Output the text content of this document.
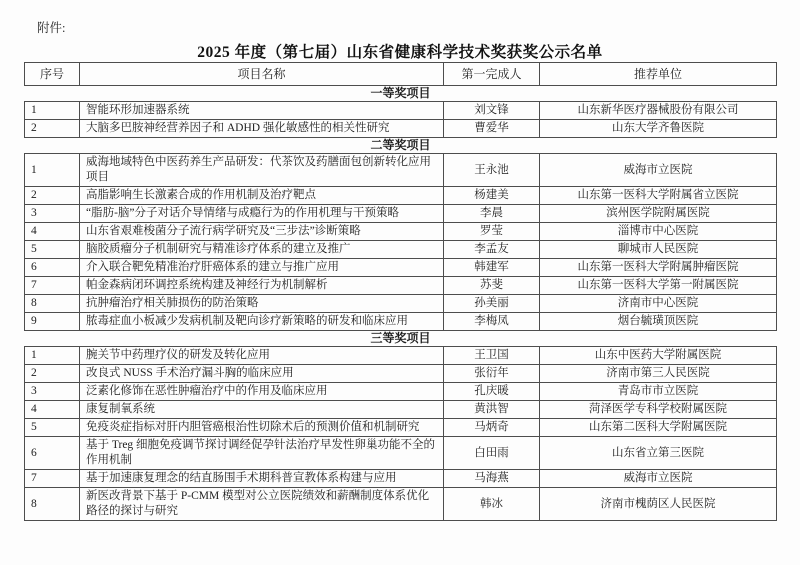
附件:
2025 年度（第七届）山东省健康科学技术奖获奖公示名单
序号	项目名称	第一完成人	推荐单位
一等奖项目			
1	智能环形加速器系统	刘文锋	山东新华医疗器械股份有限公司
2	大脑多巴胺神经营养因子和 ADHD 强化敏感性的相关性研究	曹爱华	山东大学齐鲁医院
二等奖项目			
1	威海地域特色中医药养生产品研发：代茶饮及药膳面包创新转化应用项目	王永池	威海市立医院
2	高脂影响生长激素合成的作用机制及治疗靶点	杨建美	山东第一医科大学附属省立医院
3	“脂肪-脑”分子对话介导情绪与成瘾行为的作用机理与干预策略	李晨	滨州医学院附属医院
4	山东省艰难梭菌分子流行病学研究及“三步法”诊断策略	罗莹	淄博市中心医院
5	脑胶质瘤分子机制研究与精准诊疗体系的建立及推广	李孟友	聊城市人民医院
6	介入联合靶免精准治疗肝癌体系的建立与推广应用	韩建军	山东第一医科大学附属肿瘤医院
7	帕金森病闭环调控系统构建及神经行为机制解析	苏斐	山东第一医科大学第一附属医院
8	抗肿瘤治疗相关肺损伤的防治策略	孙美丽	济南市中心医院
9	脓毒症血小板减少发病机制及靶向诊疗新策略的研发和临床应用	李梅凤	烟台毓璜顶医院
三等奖项目			
1	腕关节中药理疗仪的研发及转化应用	王卫国	山东中医药大学附属医院
2	改良式 NUSS 手术治疗漏斗胸的临床应用	张衍年	济南市第三人民医院
3	泛素化修饰在恶性肿瘤治疗中的作用及临床应用	孔庆暖	青岛市市立医院
4	康复制氧系统	黄洪智	菏泽医学专科学校附属医院
5	免疫炎症指标对肝内胆管癌根治性切除术后的预测价值和机制研究	马炳奇	山东第二医科大学附属医院
6	基于 Treg 细胞免疫调节探讨调经促孕针法治疗早发性卵巢功能不全的作用机制	白田雨	山东省立第三医院
7	基于加速康复理念的结直肠围手术期科普宣教体系构建与应用	马海燕	威海市立医院
8	新医改背景下基于 P-CMM 模型对公立医院绩效和薪酬制度体系优化路径的探讨与研究	韩冰	济南市槐荫区人民医院
